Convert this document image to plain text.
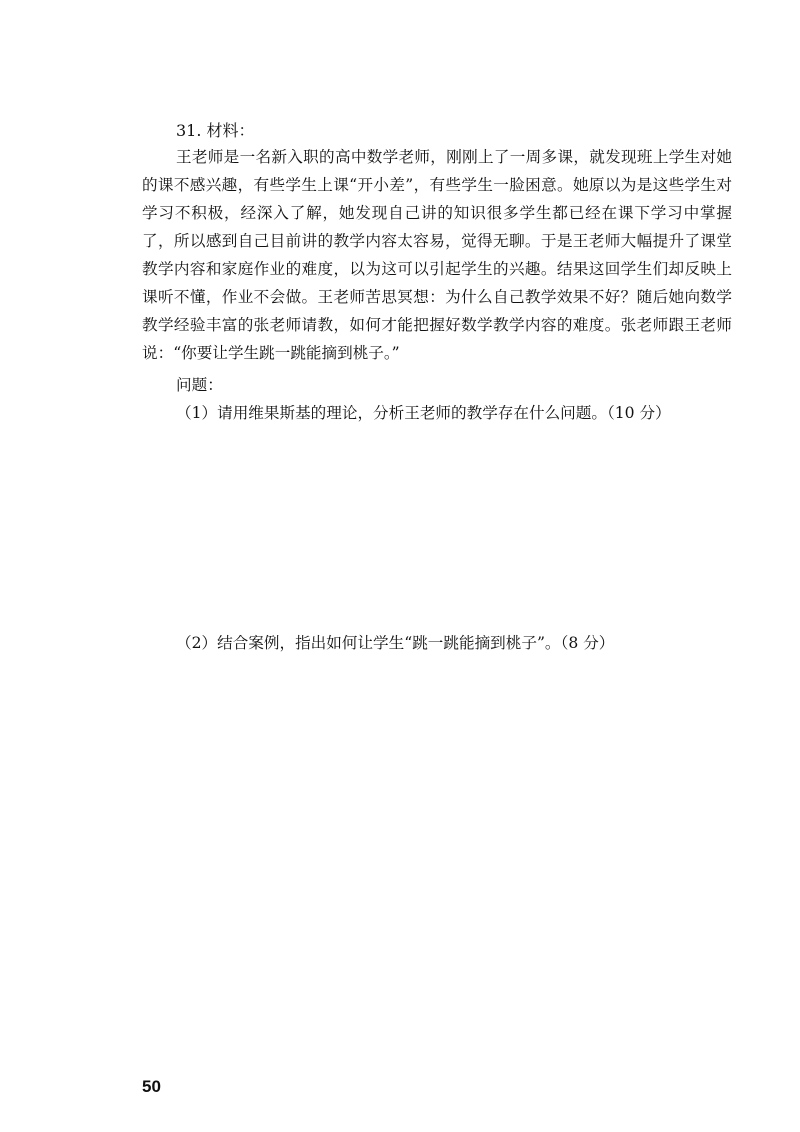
31. 材料：

王老师是一名新入职的高中数学老师，刚刚上了一周多课，就发现班上学生对她的课不感兴趣，有些学生上课“开小差”，有些学生一脸困意。她原以为是这些学生对学习不积极，经深入了解，她发现自己讲的知识很多学生都已经在课下学习中掌握了，所以感到自己目前讲的教学内容太容易，觉得无聊。于是王老师大幅提升了课堂教学内容和家庭作业的难度，以为这可以引起学生的兴趣。结果这回学生们却反映上课听不懂，作业不会做。王老师苦思冥想：为什么自己教学效果不好？随后她向数学教学经验丰富的张老师请教，如何才能把握好数学教学内容的难度。张老师跟王老师说：“你要让学生跳一跳能摘到桃子。”

问题：
（1）请用维果斯基的理论，分析王老师的教学存在什么问题。（10 分）
（2）结合案例，指出如何让学生“跳一跳能摘到桃子”。（8 分）
50
